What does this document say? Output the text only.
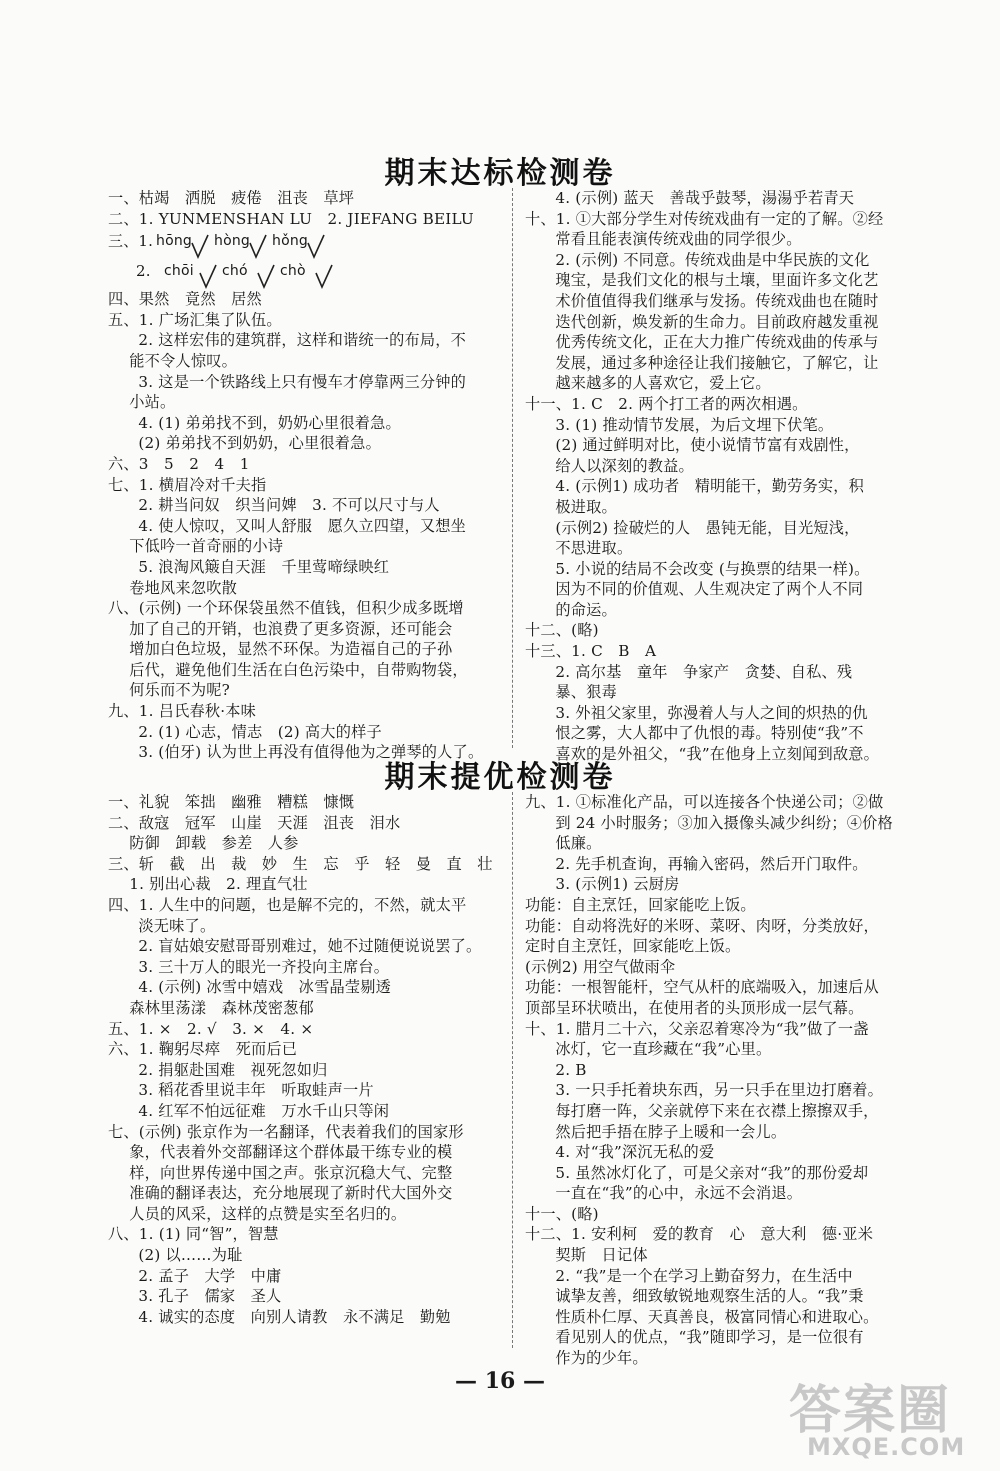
期末达标检测卷
一、枯竭　洒脱　疲倦　沮丧　草坪
二、1. YUNMENSHAN LU　2. JIEFANG BEILU
三、1. hōng hòng hǒng
2. chōi chó chò
四、果然　竟然　居然
五、1. 广场汇集了队伍。
2. 这样宏伟的建筑群，这样和谐统一的布局，不
能不令人惊叹。
3. 这是一个铁路线上只有慢车才停靠两三分钟的
小站。
4. (1) 弟弟找不到，奶奶心里很着急。
(2) 弟弟找不到奶奶，心里很着急。
六、3　5　2　4　1
七、1. 横眉冷对千夫指
2. 耕当问奴　织当问婢　3. 不可以尺寸与人
4. 使人惊叹，又叫人舒服　愿久立四望，又想坐
下低吟一首奇丽的小诗
5. 浪淘风簸自天涯　千里莺啼绿映红
卷地风来忽吹散
八、(示例) 一个环保袋虽然不值钱，但积少成多既增
加了自己的开销，也浪费了更多资源，还可能会
增加白色垃圾，显然不环保。为造福自己的子孙
后代，避免他们生活在白色污染中，自带购物袋，
何乐而不为呢?
九、1. 吕氏春秋·本味
2. (1) 心志，情志　(2) 高大的样子
3. (伯牙) 认为世上再没有值得他为之弹琴的人了。
4. (示例) 蓝天　善哉乎鼓琴，湯湯乎若青天
十、1. ①大部分学生对传统戏曲有一定的了解。②经
常看且能表演传统戏曲的同学很少。
2. (示例) 不同意。传统戏曲是中华民族的文化
瑰宝，是我们文化的根与土壤，里面许多文化艺
术价值值得我们继承与发扬。传统戏曲也在随时
迭代创新，焕发新的生命力。目前政府越发重视
优秀传统文化，正在大力推广传统戏曲的传承与
发展，通过多种途径让我们接触它，了解它，让
越来越多的人喜欢它，爱上它。
十一、1. C　2. 两个打工者的两次相遇。
3. (1) 推动情节发展，为后文埋下伏笔。
(2) 通过鲜明对比，使小说情节富有戏剧性，
给人以深刻的教益。
4. (示例1) 成功者　精明能干，勤劳务实，积
极进取。
(示例2) 捡破烂的人　愚钝无能，目光短浅，
不思进取。
5. 小说的结局不会改变 (与换票的结果一样)。
因为不同的价值观、人生观决定了两个人不同
的命运。
十二、(略)
十三、1. C　B　A
2. 高尔基　童年　争家产　贪婪、自私、残
暴、狠毒
3. 外祖父家里，弥漫着人与人之间的炽热的仇
恨之雾，大人都中了仇恨的毒。特别使“我”不
喜欢的是外祖父，“我”在他身上立刻闻到敌意。
期末提优检测卷
一、礼貌　笨拙　幽雅　糟糕　慷慨
二、敌寇　冠军　山崖　天涯　沮丧　泪水
防御　卸载　参差　人参
三、斩　截　出　裁　妙　生　忘　乎　轻　曼　直　壮
1. 别出心裁　2. 理直气壮
四、1. 人生中的问题，也是解不完的，不然，就太平
淡无味了。
2. 盲姑娘安慰哥哥别难过，她不过随便说说罢了。
3. 三十万人的眼光一齐投向主席台。
4. (示例) 冰雪中嬉戏　冰雪晶莹剔透
森林里荡漾　森林茂密葱郁
五、1. ×　2. √　3. ×　4. ×
六、1. 鞠躬尽瘁　死而后已
2. 捐躯赴国难　视死忽如归
3. 稻花香里说丰年　听取蛙声一片
4. 红军不怕远征难　万水千山只等闲
七、(示例) 张京作为一名翻译，代表着我们的国家形
象，代表着外交部翻译这个群体最干练专业的模
样，向世界传递中国之声。张京沉稳大气、完整
准确的翻译表达，充分地展现了新时代大国外交
人员的风采，这样的点赞是实至名归的。
八、1. (1) 同“智”，智慧
(2) 以……为耻
2. 孟子　大学　中庸
3. 孔子　儒家　圣人
4. 诚实的态度　向别人请教　永不满足　勤勉
九、1. ①标准化产品，可以连接各个快递公司；②做
到 24 小时服务；③加入摄像头减少纠纷；④价格
低廉。
2. 先手机查询，再输入密码，然后开门取件。
3. (示例1) 云厨房
功能：自主烹饪，回家能吃上饭。
功能：自动将洗好的米呀、菜呀、肉呀，分类放好，
定时自主烹饪，回家能吃上饭。
(示例2) 用空气做雨伞
功能：一根智能杆，空气从杆的底端吸入，加速后从
顶部呈环状喷出，在使用者的头顶形成一层气幕。
十、1. 腊月二十六，父亲忍着寒冷为“我”做了一盏
冰灯，它一直珍藏在“我”心里。
2. B
3. 一只手托着块东西，另一只手在里边打磨着。
每打磨一阵，父亲就停下来在衣襟上擦擦双手，
然后把手捂在脖子上暖和一会儿。
4. 对“我”深沉无私的爱
5. 虽然冰灯化了，可是父亲对“我”的那份爱却
一直在“我”的心中，永远不会消退。
十一、(略)
十二、1. 安利柯　爱的教育　心　意大利　德·亚米
契斯　日记体
2. “我”是一个在学习上勤奋努力，在生活中
诚挚友善，细致敏锐地观察生活的人。“我”秉
性质朴仁厚、天真善良，极富同情心和进取心。
看见别人的优点，“我”随即学习，是一位很有
作为的少年。
— 16 —	答案圈
MXQE.COM
